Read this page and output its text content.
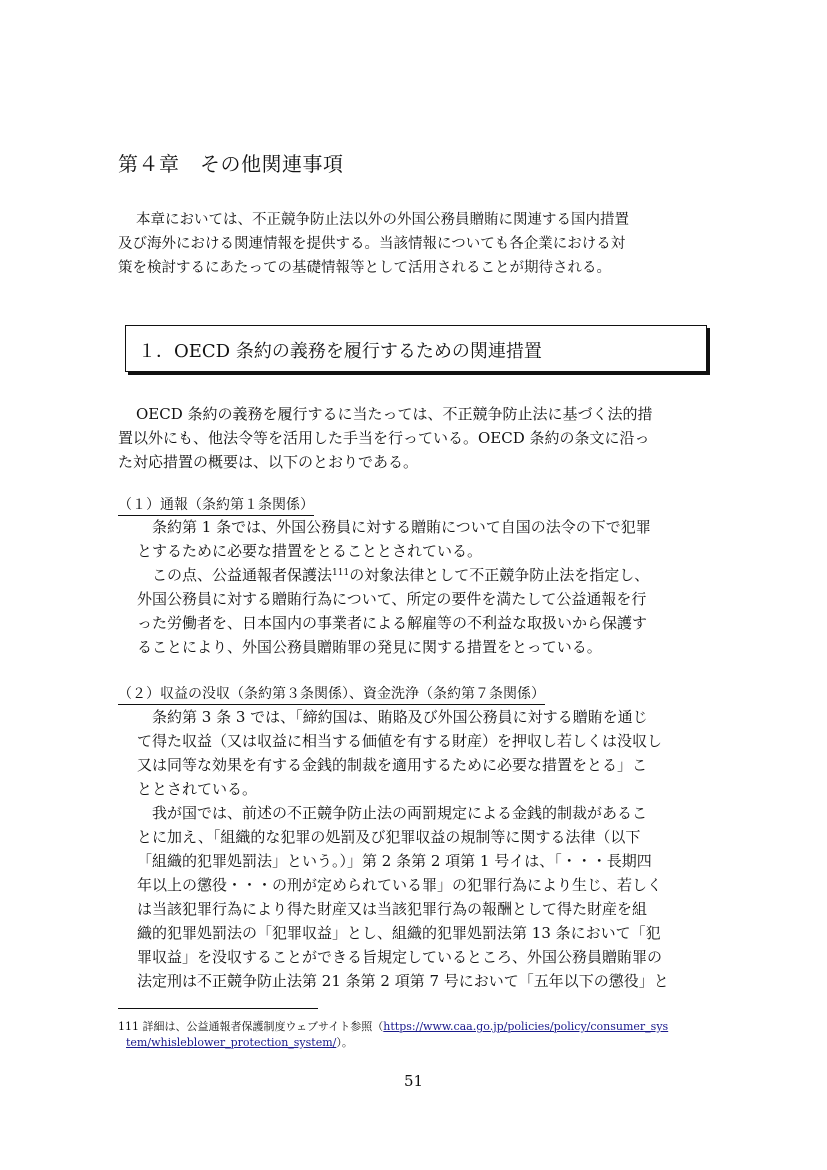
第４章　その他関連事項
本章においては、不正競争防止法以外の外国公務員贈賄に関連する国内措置
及び海外における関連情報を提供する。当該情報についても各企業における対
策を検討するにあたっての基礎情報等として活用されることが期待される。
１．OECD 条約の義務を履行するための関連措置
OECD 条約の義務を履行するに当たっては、不正競争防止法に基づく法的措
置以外にも、他法令等を活用した手当を行っている。OECD 条約の条文に沿っ
た対応措置の概要は、以下のとおりである。
（１）通報（条約第１条関係）
条約第 1 条では、外国公務員に対する贈賄について自国の法令の下で犯罪
とするために必要な措置をとることとされている。
この点、公益通報者保護法$^{111}$の対象法律として不正競争防止法を指定し、
外国公務員に対する贈賄行為について、所定の要件を満たして公益通報を行
った労働者を、日本国内の事業者による解雇等の不利益な取扱いから保護す
ることにより、外国公務員贈賄罪の発見に関する措置をとっている。
（２）収益の没収（条約第３条関係）、資金洗浄（条約第７条関係）
条約第 3 条 3 では、「締約国は、賄賂及び外国公務員に対する贈賄を通じ
て得た収益（又は収益に相当する価値を有する財産）を押収し若しくは没収し
又は同等な効果を有する金銭的制裁を適用するために必要な措置をとる」こ
ととされている。
我が国では、前述の不正競争防止法の両罰規定による金銭的制裁があるこ
とに加え、「組織的な犯罪の処罰及び犯罪収益の規制等に関する法律（以下
「組織的犯罪処罰法」という。）」第 2 条第 2 項第 1 号イは、「・・・長期四
年以上の懲役・・・の刑が定められている罪」の犯罪行為により生じ、若しく
は当該犯罪行為により得た財産又は当該犯罪行為の報酬として得た財産を組
織的犯罪処罰法の「犯罪収益」とし、組織的犯罪処罰法第 13 条において「犯
罪収益」を没収することができる旨規定しているところ、外国公務員贈賄罪の
法定刑は不正競争防止法第 21 条第 2 項第 7 号において「五年以下の懲役」と
111 詳細は、公益通報者保護制度ウェブサイト参照（https://www.caa.go.jp/policies/policy/consumer_sys
tem/whisleblower_protection_system/）。
51
